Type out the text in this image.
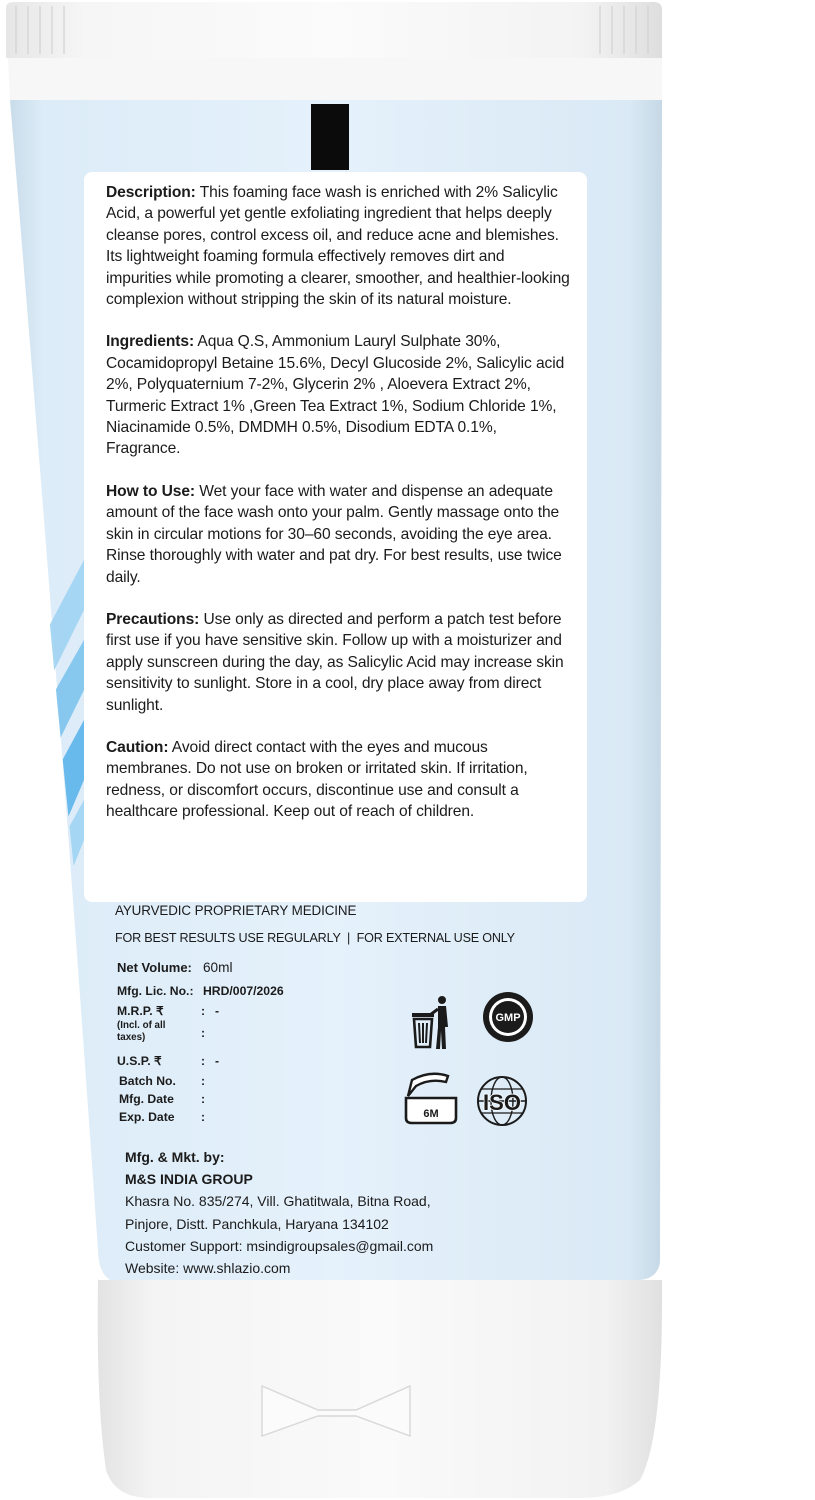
Description: This foaming face wash is enriched with 2% Salicylic Acid, a powerful yet gentle exfoliating ingredient that helps deeply cleanse pores, control excess oil, and reduce acne and blemishes. Its lightweight foaming formula effectively removes dirt and impurities while promoting a clearer, smoother, and healthier-looking complexion without stripping the skin of its natural moisture.

Ingredients: Aqua Q.S, Ammonium Lauryl Sulphate 30%, Cocamidopropyl Betaine 15.6%, Decyl Glucoside 2%, Salicylic acid 2%, Polyquaternium 7-2%, Glycerin 2% , Aloevera Extract 2%, Turmeric Extract 1% ,Green Tea Extract 1%, Sodium Chloride 1%, Niacinamide 0.5%, DMDMH 0.5%, Disodium EDTA 0.1%, Fragrance.

How to Use: Wet your face with water and dispense an adequate amount of the face wash onto your palm. Gently massage onto the skin in circular motions for 30–60 seconds, avoiding the eye area. Rinse thoroughly with water and pat dry. For best results, use twice daily.

Precautions: Use only as directed and perform a patch test before first use if you have sensitive skin. Follow up with a moisturizer and apply sunscreen during the day, as Salicylic Acid may increase skin sensitivity to sunlight. Store in a cool, dry place away from direct sunlight.

Caution: Avoid direct contact with the eyes and mucous membranes. Do not use on broken or irritated skin. If irritation, redness, or discomfort occurs, discontinue use and consult a healthcare professional. Keep out of reach of children.

AYURVEDIC PROPRIETARY MEDICINE
FOR BEST RESULTS USE REGULARLY  |  FOR EXTERNAL USE ONLY
Net Volume: 60ml
Mfg. Lic. No.: HRD/007/2026
M.R.P. ₹	: -
(Incl. of all taxes)	:
U.S.P. ₹	: -
Batch No. :
Mfg. Date :
Exp. Date :
GMP
6M ISO
Mfg. & Mkt. by:
M&S INDIA GROUP
Khasra No. 835/274, Vill. Ghatitwala, Bitna Road,
Pinjore, Distt. Panchkula, Haryana 134102
Customer Support: msindigroupsales@gmail.com
Website: www.shlazio.com
